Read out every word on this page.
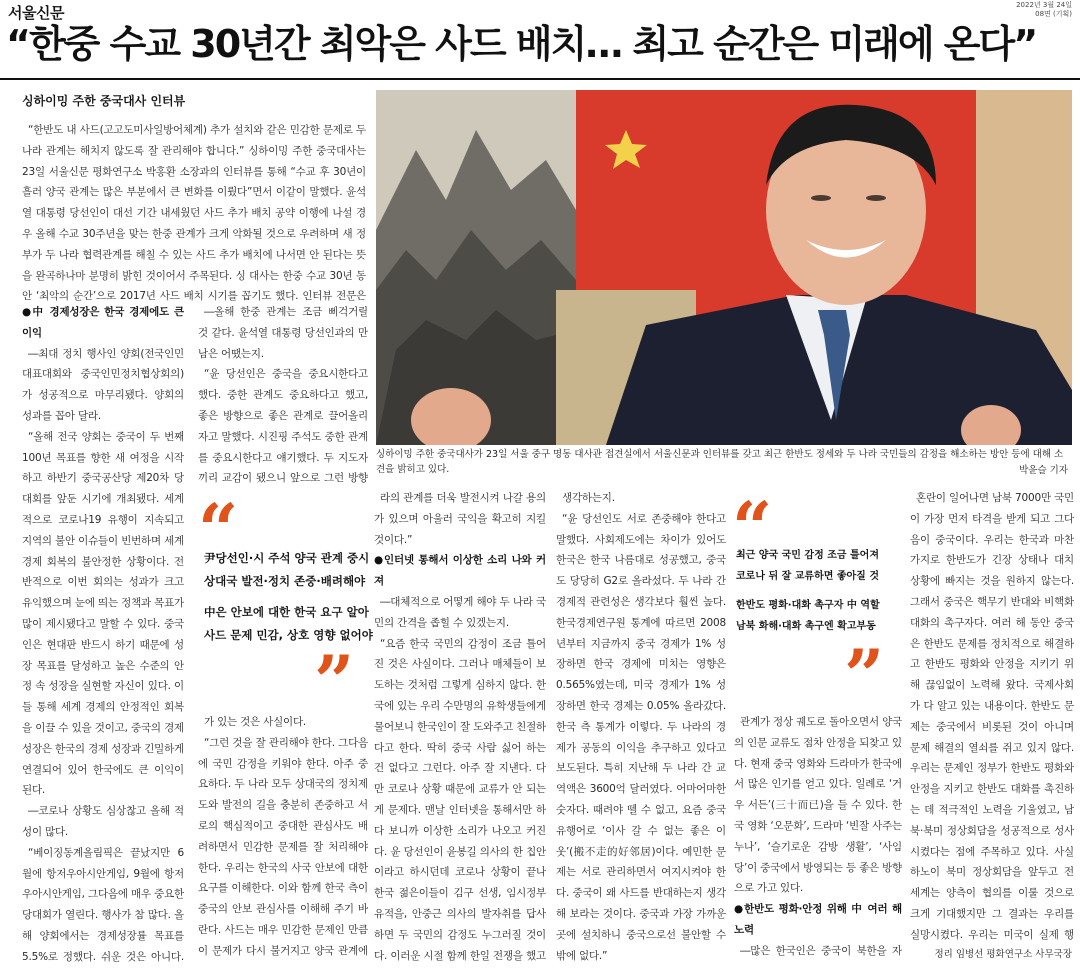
서울신문	2022년 3월 24일
08면 (기획)
“한중 수교 30년간 최악은 사드 배치… 최고 순간은 미래에 온다”
싱하이밍 주한 중국대사 인터뷰

“한반도 내 사드(고고도미사일방어체계) 추가 설치와 같은 민감한 문제로 두 나라 관계는 해치지 않도록 잘 관리해야 합니다.” 싱하이밍 주한 중국대사는 23일 서울신문 평화연구소 박홍환 소장과의 인터뷰를 통해 “수교 후 30년이 흘러 양국 관계는 많은 부분에서 큰 변화를 이뤘다”면서 이같이 말했다. 윤석열 대통령 당선인이 대선 기간 내세웠던 사드 추가 배치 공약 이행에 나설 경우 올해 수교 30주년을 맞는 한중 관계가 크게 악화될 것으로 우려하며 새 정부가 두 나라 협력관계를 해칠 수 있는 사드 추가 배치에 나서면 안 된다는 뜻을 완곡하나마 분명히 밝힌 것이어서 주목된다. 싱 대사는 한중 수교 30년 동안 ‘최악의 순간’으로 2017년 사드 배치 시기를 꼽기도 했다. 인터뷰 전문은

●中 경제성장은 한국 경제에도 큰 이익

―최대 정치 행사인 양회(전국인민대표대회와 중국인민정치협상회의)가 성공적으로 마무리됐다. 양회의 성과를 꼽아 달라.

“올해 전국 양회는 중국이 두 번째 100년 목표를 향한 새 여정을 시작하고 하반기 중국공산당 제20차 당대회를 앞둔 시기에 개최됐다. 세계적으로 코로나19 유행이 지속되고 지역의 불안 이슈들이 빈번하며 세계 경제 회복의 불안정한 상황이다. 전반적으로 이번 회의는 성과가 크고 유익했으며 눈에 띄는 정책과 목표가 많이 제시됐다고 말할 수 있다. 중국인은 현대판 반드시 하기 때문에 성장 목표를 달성하고 높은 수준의 안정 속 성장을 실현할 자신이 있다. 이들 통해 세계 경제의 안정적인 회복을 이끌 수 있을 것이고, 중국의 경제 성장은 한국의 경제 성장과 긴밀하게 연결되어 있어 한국에도 큰 이익이 된다.

―코로나 상황도 심상찮고 올해 적성이 많다.

“베이징동계올림픽은 끝났지만 6월에 항저우아시안게임, 9월에 항저우아시안게임, 그다음에 매우 중요한 당대회가 열린다. 행사가 참 많다. 올해 양회에서는 경제성장률 목표를 5.5%로 정했다. 쉬운 것은 아니다.

―올해 한중 관계는 조금 삐걱거릴 것 같다. 윤석열 대통령 당선인과의 만남은 어땠는지.

“윤 당선인은 중국을 중요시한다고 했다. 중한 관계도 중요하다고 했고, 좋은 방향으로 좋은 관계로 끌어올리자고 말했다. 시진핑 주석도 중한 관계를 중요시한다고 얘기했다. 두 지도자끼리 교감이 됐으니 앞으로 그런 방향

“
尹당선인·시 주석 양국 관계 중시
상대국 발전·정치 존중·배려해야
中은 안보에 대한 한국 요구 알아
사드 문제 민감, 상호 영향 없어야
”

가 있는 것은 사실이다.

“그런 것을 잘 관리해야 한다. 그다음에 국민 감정을 키워야 한다. 아주 중요하다. 두 나라 모두 상대국의 정치제도와 발전의 길을 충분히 존중하고 서로의 핵심적이고 중대한 관심사도 배려하면서 민감한 문제를 잘 처리해야 한다. 우리는 한국의 사국 안보에 대한 요구를 이해한다. 이와 함께 한국 측이 중국의 안보 관심사를 이해해 주기 바란다. 사드는 매우 민감한 문제인 만큼 이 문제가 다시 불거지고 양국 관계에

라의 관계를 더욱 발전시켜 나갈 용의가 있으며 아울러 국익을 확고히 지킬 것이다.”

●인터넷 통해서 이상한 소리 나와 커져

―대체적으로 어떻게 해야 두 나라 국민의 간격을 좁힐 수 있겠는지.

“요즘 한국 국민의 감정이 조금 틀어진 것은 사실이다. 그러나 매체들이 보도하는 것처럼 그렇게 심하지 않다. 한국에 있는 우리 수만명의 유학생들에게 물어보니 한국인이 잘 도와주고 친절하다고 한다. 딱히 중국 사람 싫어 하는 건 없다고 그런다. 아주 잘 지낸다. 다만 코로나 상황 때문에 교류가 안 되는 게 문제다. 맨날 인터넷을 통해서만 하다 보니까 이상한 소리가 나오고 커진다. 윤 당선인이 윤봉길 의사의 한 칩안이라고 하시던데 코로나 상황이 끝나 한국 젊은이들이 김구 선생, 임시정부 유적을, 안중근 의사의 발자취를 답사하면 두 국민의 감정도 누그러질 것이다. 이러운 시절 함께 한일 전쟁을 했고

생각하는지.

“윤 당선인도 서로 존중해야 한다고 말했다. 사회제도에는 차이가 있어도 한국은 한국 나름대로 성공했고, 중국도 당당히 G2로 올라섰다. 두 나라 간 경제적 관련성은 생각보다 훨씬 높다. 한국경제연구원 통계에 따르면 2008년부터 지금까지 중국 경제가 1% 성장하면 한국 경제에 미치는 영향은 0.565%였는데, 미국 경제가 1% 성장하면 한국 경제는 0.05% 올라갔다. 한국 측 통계가 이렇다. 두 나라의 경제가 공동의 이익을 추구하고 있다고 보도된다. 특히 지난해 두 나라 간 교역액은 3600억 달러였다. 어마어마한 숫자다. 때려야 뗄 수 없고, 요즘 중국 유행어로 ‘이사 갈 수 없는 좋은 이웃’(搬不走的好邻居)이다. 예민한 문제는 서로 관리하면서 여지시켜야 한다. 중국이 왜 사드를 반대하는지 생각해 보라는 것이다. 중국과 가장 가까운 곳에 설치하니 중국으로선 불안할 수밖에 없다.”

“
최근 양국 국민 감정 조금 틀어져
코로나 뒤 잘 교류하면 좋아질 것
한반도 평화·대화 촉구자 中 역할
남북 화해·대화 촉구엔 확고부동
”

관계가 정상 궤도로 돌아오면서 양국의 인문 교류도 점차 안정을 되찾고 있다. 현재 중국 영화와 드라마가 한국에서 많은 인기를 얻고 있다. 일례로 ‘거우 서든’(三十而已)을 들 수 있다. 한국 영화 ‘오문화’, 드라마 ‘빈잘 사주는 누나’, ‘슬기로운 감방 생활’, ‘사임당’이 중국에서 방영되는 등 좋은 방향으로 가고 있다.

●한반도 평화·안정 위해 中 여러 해 노력

―많은 한국인은 중국이 북한을 자

혼란이 일어나면 남북 7000만 국민이 가장 먼저 타격을 받게 되고 그다음이 중국이다. 우리는 한국과 마찬가지로 한반도가 긴장 상태나 대치 상황에 빠지는 것을 원하지 않는다. 그래서 중국은 핵무기 반대와 비핵화 대화의 촉구자다. 여러 해 동안 중국은 한반도 문제를 정치적으로 해결하고 한반도 평화와 안정을 지키기 위해 끊임없이 노력해 왔다. 국제사회가 다 알고 있는 내용이다. 한반도 문제는 중국에서 비롯된 것이 아니며 문제 해결의 열쇠를 쥐고 있지 않다. 우리는 문제인 정부가 한반도 평화와 안정을 지키고 한반도 대화를 촉진하는 데 적극적인 노력을 기울였고, 남북·북미 정상회담을 성공적으로 성사시켰다는 점에 주목하고 있다. 사실 하노이 북미 정상회담을 앞두고 전 세계는 양측이 협의를 이룰 것으로 크게 기대했지만 그 결과는 우리를 실망시켰다. 우리는 미국이 실제 행

정리 임병선 평화연구소 사무국장
싱하이밍 주한 중국대사가 23일 서울 중구 명동 대사관 접견실에서 서울신문과 인터뷰를 갖고 최근 한반도 정세와 두 나라 국민들의 감정을 해소하는 방안 등에 대해 소견을 밝히고 있다.	박윤슬 기자
